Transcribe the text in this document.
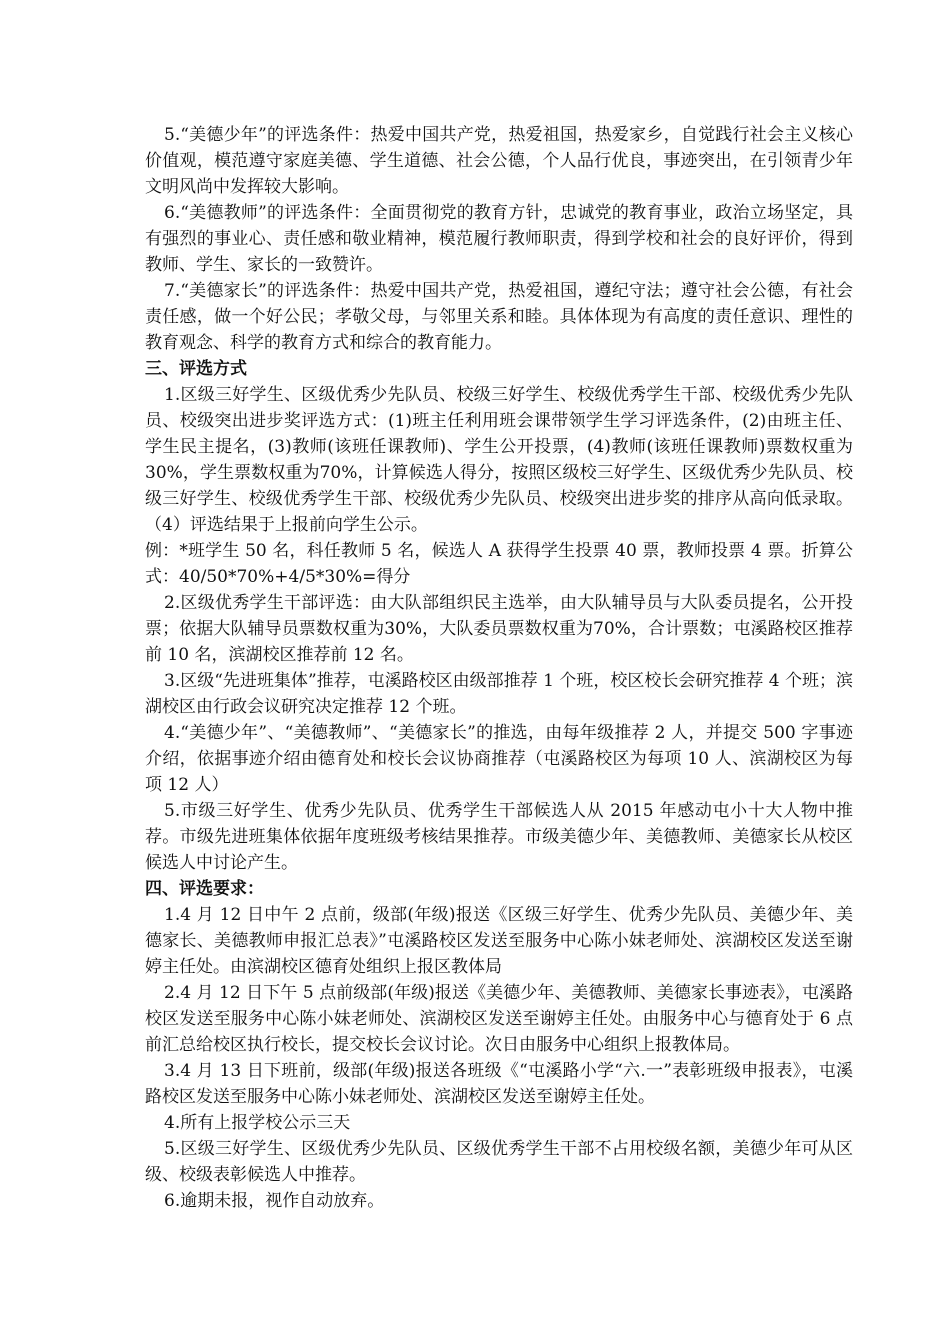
5.“美德少年”的评选条件：热爱中国共产党，热爱祖国，热爱家乡，自觉践行社会主义核心价值观，模范遵守家庭美德、学生道德、社会公德，个人品行优良，事迹突出，在引领青少年文明风尚中发挥较大影响。

6.“美德教师”的评选条件：全面贯彻党的教育方针，忠诚党的教育事业，政治立场坚定，具有强烈的事业心、责任感和敬业精神，模范履行教师职责，得到学校和社会的良好评价，得到教师、学生、家长的一致赞许。

7.“美德家长”的评选条件：热爱中国共产党，热爱祖国，遵纪守法；遵守社会公德，有社会责任感，做一个好公民；孝敬父母，与邻里关系和睦。具体体现为有高度的责任意识、理性的教育观念、科学的教育方式和综合的教育能力。

三、评选方式

1.区级三好学生、区级优秀少先队员、校级三好学生、校级优秀学生干部、校级优秀少先队员、校级突出进步奖评选方式：(1)班主任利用班会课带领学生学习评选条件，(2)由班主任、学生民主提名，(3)教师(该班任课教师)、学生公开投票，(4)教师(该班任课教师)票数权重为30%，学生票数权重为70%，计算候选人得分，按照区级校三好学生、区级优秀少先队员、校级三好学生、校级优秀学生干部、校级优秀少先队员、校级突出进步奖的排序从高向低录取。（4）评选结果于上报前向学生公示。

例：*班学生 50 名，科任教师 5 名，候选人 A 获得学生投票 40 票，教师投票 4 票。折算公式：40/50*70%+4/5*30%=得分

2.区级优秀学生干部评选：由大队部组织民主选举，由大队辅导员与大队委员提名，公开投票；依据大队辅导员票数权重为30%，大队委员票数权重为70%，合计票数；屯溪路校区推荐前 10 名，滨湖校区推荐前 12 名。

3.区级“先进班集体”推荐，屯溪路校区由级部推荐 1 个班，校区校长会研究推荐 4 个班；滨湖校区由行政会议研究决定推荐 12 个班。

4.“美德少年”、“美德教师”、“美德家长”的推选，由每年级推荐 2 人，并提交 500 字事迹介绍，依据事迹介绍由德育处和校长会议协商推荐（屯溪路校区为每项 10 人、滨湖校区为每项 12 人）

5.市级三好学生、优秀少先队员、优秀学生干部候选人从 2015 年感动屯小十大人物中推荐。市级先进班集体依据年度班级考核结果推荐。市级美德少年、美德教师、美德家长从校区候选人中讨论产生。

四、评选要求：

1.4 月 12 日中午 2 点前，级部(年级)报送《区级三好学生、优秀少先队员、美德少年、美德家长、美德教师申报汇总表》”屯溪路校区发送至服务中心陈小妹老师处、滨湖校区发送至谢婷主任处。由滨湖校区德育处组织上报区教体局

2.4 月 12 日下午 5 点前级部(年级)报送《美德少年、美德教师、美德家长事迹表》，屯溪路校区发送至服务中心陈小妹老师处、滨湖校区发送至谢婷主任处。由服务中心与德育处于 6 点前汇总给校区执行校长，提交校长会议讨论。次日由服务中心组织上报教体局。

3.4 月 13 日下班前，级部(年级)报送各班级《“屯溪路小学“六.一”表彰班级申报表》，屯溪路校区发送至服务中心陈小妹老师处、滨湖校区发送至谢婷主任处。

4.所有上报学校公示三天

5.区级三好学生、区级优秀少先队员、区级优秀学生干部不占用校级名额，美德少年可从区级、校级表彰候选人中推荐。

6.逾期未报，视作自动放弃。
